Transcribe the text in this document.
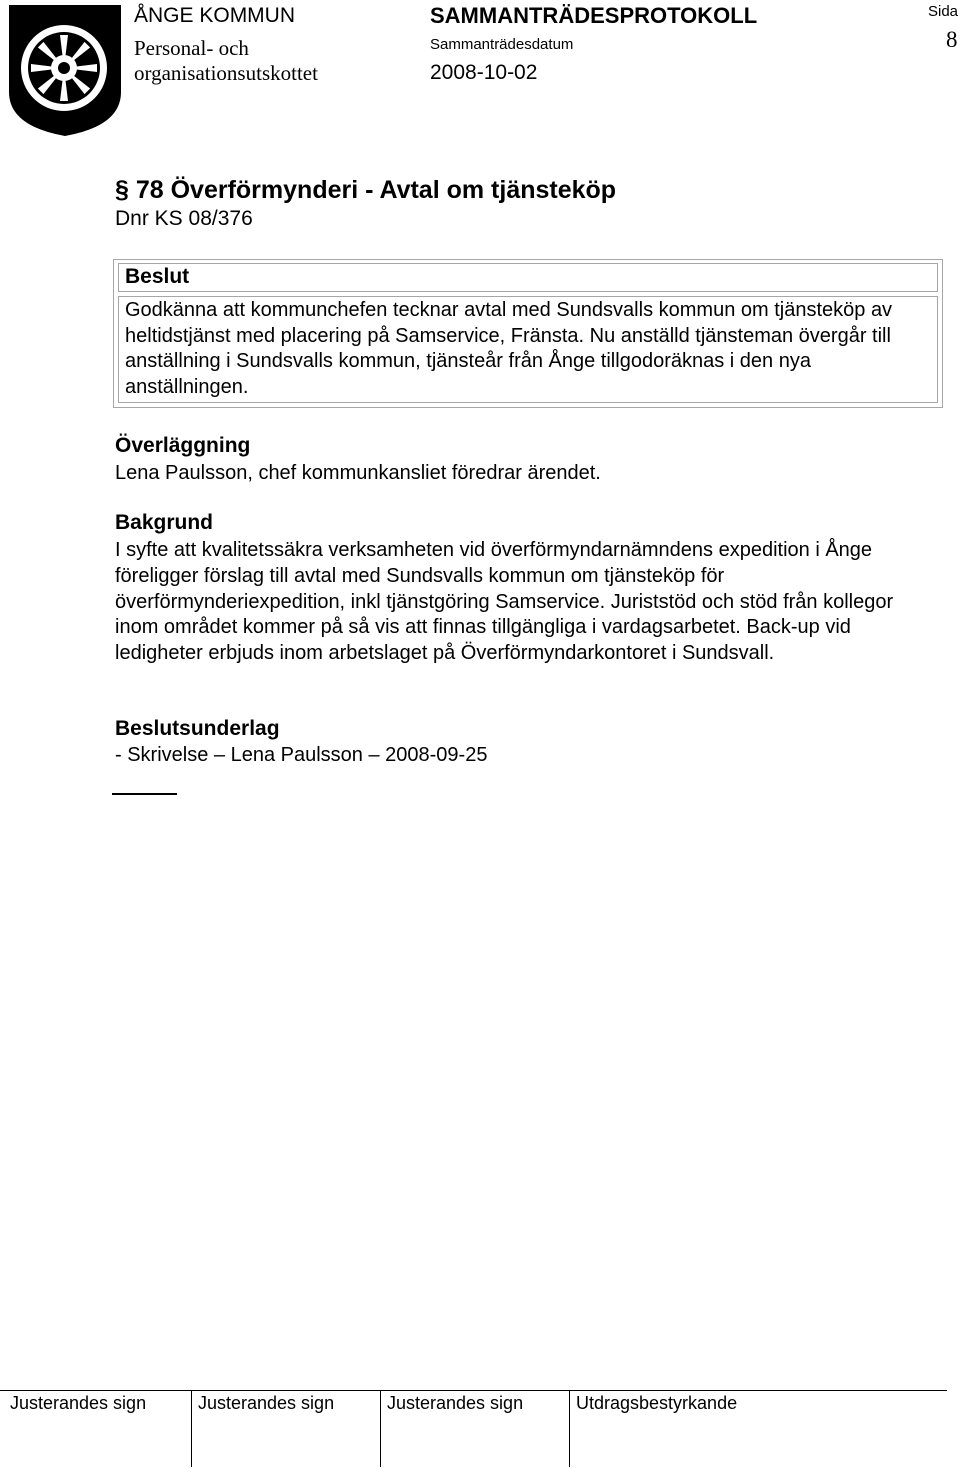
ÅNGE KOMMUN
Personal- och
organisationsutskottet
SAMMANTRÄDESPROTOKOLL
Sammanträdesdatum
2008-10-02
Sida
8
§ 78 Överförmynderi - Avtal om tjänsteköp
Dnr KS 08/376
Beslut
Godkänna att kommunchefen tecknar avtal med Sundsvalls kommun om tjänsteköp av heltidstjänst med placering på Samservice, Fränsta. Nu anställd tjänsteman övergår till anställning i Sundsvalls kommun, tjänsteår från Ånge tillgodoräknas i den nya anställningen.
Överläggning
Lena Paulsson, chef kommunkansliet föredrar ärendet.
Bakgrund
I syfte att kvalitetssäkra verksamheten vid överförmyndarnämndens expedition i Ånge föreligger förslag till avtal med Sundsvalls kommun om tjänsteköp för överförmynderiexpedition, inkl tjänstgöring Samservice. Juriststöd och stöd från kollegor inom området kommer på så vis att finnas tillgängliga i vardagsarbetet. Back-up vid ledigheter erbjuds inom arbetslaget på Överförmyndarkontoret i Sundsvall.
Beslutsunderlag
- Skrivelse – Lena Paulsson – 2008-09-25
Justerandes sign	Justerandes sign	Justerandes sign	Utdragsbestyrkande
